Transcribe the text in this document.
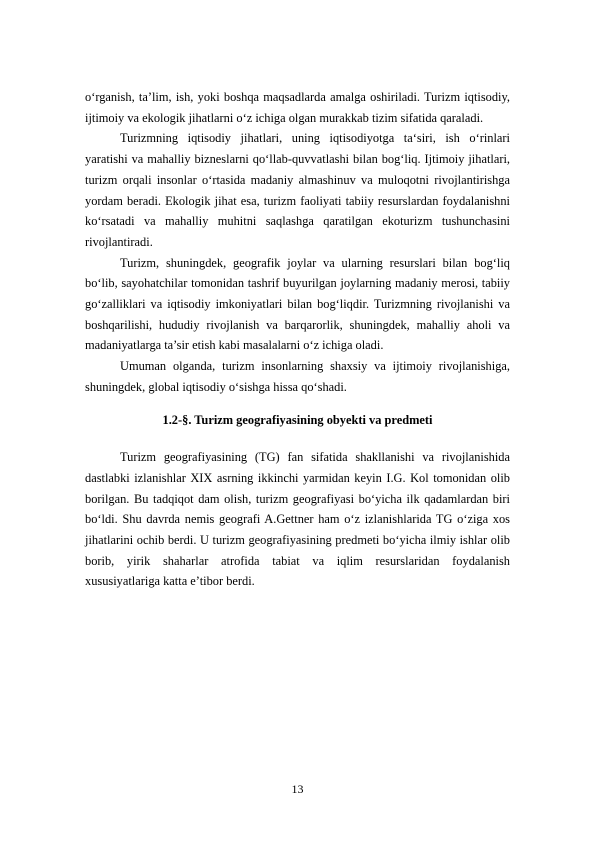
o‘rganish, ta’lim, ish, yoki boshqa maqsadlarda amalga oshiriladi. Turizm iqtisodiy, ijtimoiy va ekologik jihatlarni o‘z ichiga olgan murakkab tizim sifatida qaraladi.

Turizmning iqtisodiy jihatlari, uning iqtisodiyotga ta‘siri, ish o‘rinlari yaratishi va mahalliy bizneslarni qo‘llab-quvvatlashi bilan bog‘liq. Ijtimoiy jihatlari, turizm orqali insonlar o‘rtasida madaniy almashinuv va muloqotni rivojlantirishga yordam beradi. Ekologik jihat esa, turizm faoliyati tabiiy resurslardan foydalanishni ko‘rsatadi va mahalliy muhitni saqlashga qaratilgan ekoturizm tushunchasini rivojlantiradi.

Turizm, shuningdek, geografik joylar va ularning resurslari bilan bog‘liq bo‘lib, sayohatchilar tomonidan tashrif buyurilgan joylarning madaniy merosi, tabiiy go‘zalliklari va iqtisodiy imkoniyatlari bilan bog‘liqdir. Turizmning rivojlanishi va boshqarilishi, hududiy rivojlanish va barqarorlik, shuningdek, mahalliy aholi va madaniyatlarga ta’sir etish kabi masalalarni o‘z ichiga oladi.

Umuman olganda, turizm insonlarning shaxsiy va ijtimoiy rivojlanishiga, shuningdek, global iqtisodiy o‘sishga hissa qo‘shadi.

1.2-§. Turizm geografiyasining obyekti va predmeti

Turizm geografiyasining (TG) fan sifatida shakllanishi va rivojlanishida dastlabki izlanishlar XIX asrning ikkinchi yarmidan keyin I.G. Kol tomonidan olib borilgan. Bu tadqiqot dam olish, turizm geografiyasi bo‘yicha ilk qadamlardan biri bo‘ldi. Shu davrda nemis geografi A.Gettner ham o‘z izlanishlarida TG o‘ziga xos jihatlarini ochib berdi. U turizm geografiyasining predmeti bo‘yicha ilmiy ishlar olib borib, yirik shaharlar atrofida tabiat va iqlim resurslaridan foydalanish xususiyatlariga katta e’tibor berdi.

13
